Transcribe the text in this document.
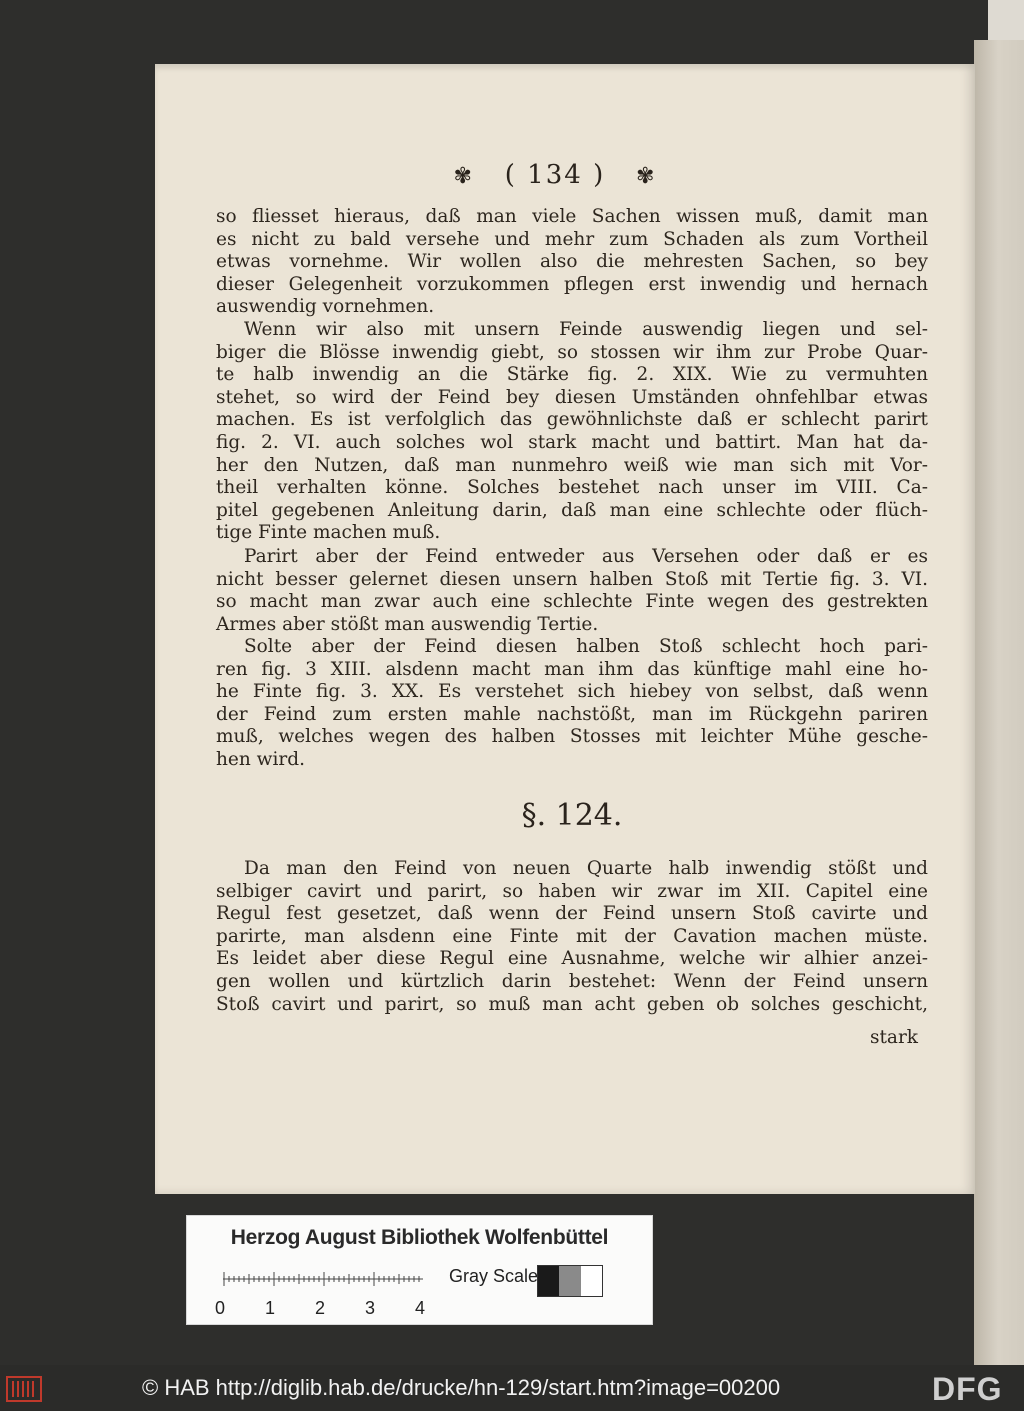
✾ ( 134 ) ✾
so fliesset hieraus, daß man viele Sachen wissen muß, damit man
es nicht zu bald versehe und mehr zum Schaden als zum Vortheil
etwas vornehme. Wir wollen also die mehresten Sachen, so bey
dieser Gelegenheit vorzukommen pflegen erst inwendig und hernach
auswendig vornehmen.
Wenn wir also mit unsern Feinde auswendig liegen und sel-
biger die Blösse inwendig giebt, so stossen wir ihm zur Probe Quar-
te halb inwendig an die Stärke fig. 2. XIX. Wie zu vermuhten
stehet, so wird der Feind bey diesen Umständen ohnfehlbar etwas
machen. Es ist verfolglich das gewöhnlichste daß er schlecht parirt
fig. 2. VI. auch solches wol stark macht und battirt. Man hat da-
her den Nutzen, daß man nunmehro weiß wie man sich mit Vor-
theil verhalten könne. Solches bestehet nach unser im VIII. Ca-
pitel gegebenen Anleitung darin, daß man eine schlechte oder flüch-
tige Finte machen muß.
Parirt aber der Feind entweder aus Versehen oder daß er es
nicht besser gelernet diesen unsern halben Stoß mit Tertie fig. 3. VI.
so macht man zwar auch eine schlechte Finte wegen des gestrekten
Armes aber stößt man auswendig Tertie.
Solte aber der Feind diesen halben Stoß schlecht hoch pari-
ren fig. 3 XIII. alsdenn macht man ihm das künftige mahl eine ho-
he Finte fig. 3. XX. Es verstehet sich hiebey von selbst, daß wenn
der Feind zum ersten mahle nachstößt, man im Rückgehn pariren
muß, welches wegen des halben Stosses mit leichter Mühe gesche-
hen wird.
§. 124.
Da man den Feind von neuen Quarte halb inwendig stößt und
selbiger cavirt und parirt, so haben wir zwar im XII. Capitel eine
Regul fest gesetzet, daß wenn der Feind unsern Stoß cavirte und
parirte, man alsdenn eine Finte mit der Cavation machen müste.
Es leidet aber diese Regul eine Ausnahme, welche wir alhier anzei-
gen wollen und kürtzlich darin bestehet: Wenn der Feind unsern
Stoß cavirt und parirt, so muß man acht geben ob solches geschicht,
stark
Herzog August Bibliothek Wolfenbüttel
0 1 2 3 4
Gray Scale
© HAB http://diglib.hab.de/drucke/hn-129/start.htm?image=00200	DFG
